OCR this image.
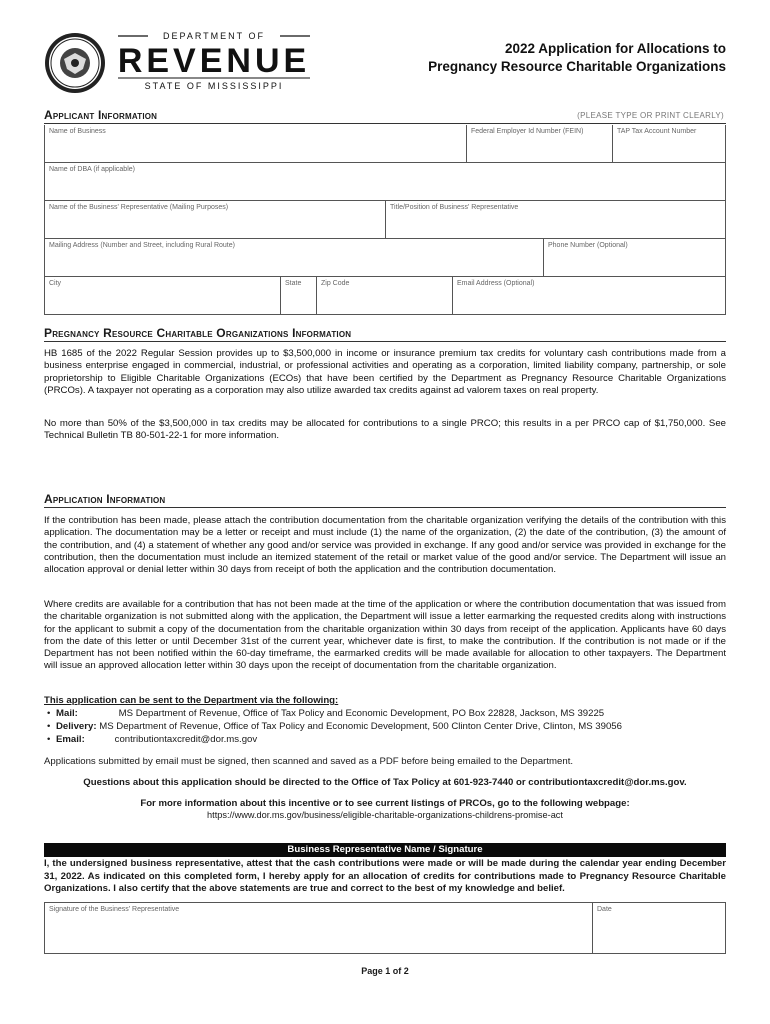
DEPARTMENT OF
REVENUE
STATE OF MISSISSIPPI
2022 Application for Allocations to
Pregnancy Resource Charitable Organizations
Applicant Information	(PLEASE TYPE OR PRINT CLEARLY)
Name of Business	Federal Employer Id Number (FEIN)	TAP Tax Account Number
Name of DBA (if applicable)
Name of the Business' Representative (Mailing Purposes)	Title/Position of Business' Representative
Mailing Address (Number and Street, including Rural Route)	Phone Number (Optional)
City	State	Zip Code	Email Address (Optional)
Pregnancy Resource Charitable Organizations Information
HB 1685 of the 2022 Regular Session provides up to $3,500,000 in income or insurance premium tax credits for voluntary cash contributions made from a business enterprise engaged in commercial, industrial, or professional activities and operating as a corporation, limited liability company, partnership, or sole proprietorship to Eligible Charitable Organizations (ECOs) that have been certified by the Department as Pregnancy Resource Charitable Organizations (PRCOs). A taxpayer not operating as a corporation may also utilize awarded tax credits against ad valorem taxes on real property.
No more than 50% of the $3,500,000 in tax credits may be allocated for contributions to a single PRCO; this results in a per PRCO cap of $1,750,000. See Technical Bulletin TB 80-501-22-1 for more information.
Application Information
If the contribution has been made, please attach the contribution documentation from the charitable organization verifying the details of the contribution with this application. The documentation may be a letter or receipt and must include (1) the name of the organization, (2) the date of the contribution, (3) the amount of the contribution, and (4) a statement of whether any good and/or service was provided in exchange. If any good and/or service was provided in exchange for the contribution, then the documentation must include an itemized statement of the retail or market value of the good and/or service. The Department will issue an allocation approval or denial letter within 30 days from receipt of both the application and the contribution documentation.
Where credits are available for a contribution that has not been made at the time of the application or where the contribution documentation that was issued from the charitable organization is not submitted along with the application, the Department will issue a letter earmarking the requested credits along with instructions for the applicant to submit a copy of the documentation from the charitable organization within 30 days from receipt of the application. Applicants have 60 days from the date of this letter or until December 31st of the current year, whichever date is first, to make the contribution. If the contribution is not made or if the Department has not been notified within the 60-day timeframe, the earmarked credits will be made available for allocation to other taxpayers. The Department will issue an approved allocation letter within 30 days upon the receipt of documentation from the charitable organization.
This application can be sent to the Department via the following:
• Mail:	MS Department of Revenue, Office of Tax Policy and Economic Development, PO Box 22828, Jackson, MS 39225
• Delivery: MS Department of Revenue, Office of Tax Policy and Economic Development, 500 Clinton Center Drive, Clinton, MS 39056
• Email:	contributiontaxcredit@dor.ms.gov
Applications submitted by email must be signed, then scanned and saved as a PDF before being emailed to the Department.
Questions about this application should be directed to the Office of Tax Policy at 601-923-7440 or contributiontaxcredit@dor.ms.gov.
For more information about this incentive or to see current listings of PRCOs, go to the following webpage:
https://www.dor.ms.gov/business/eligible-charitable-organizations-childrens-promise-act
Business Representative Name / Signature
I, the undersigned business representative, attest that the cash contributions were made or will be made during the calendar year ending December 31, 2022. As indicated on this completed form, I hereby apply for an allocation of credits for contributions made to Pregnancy Resource Charitable Organizations. I also certify that the above statements are true and correct to the best of my knowledge and belief.
Signature of the Business' Representative	Date
Page 1 of 2
